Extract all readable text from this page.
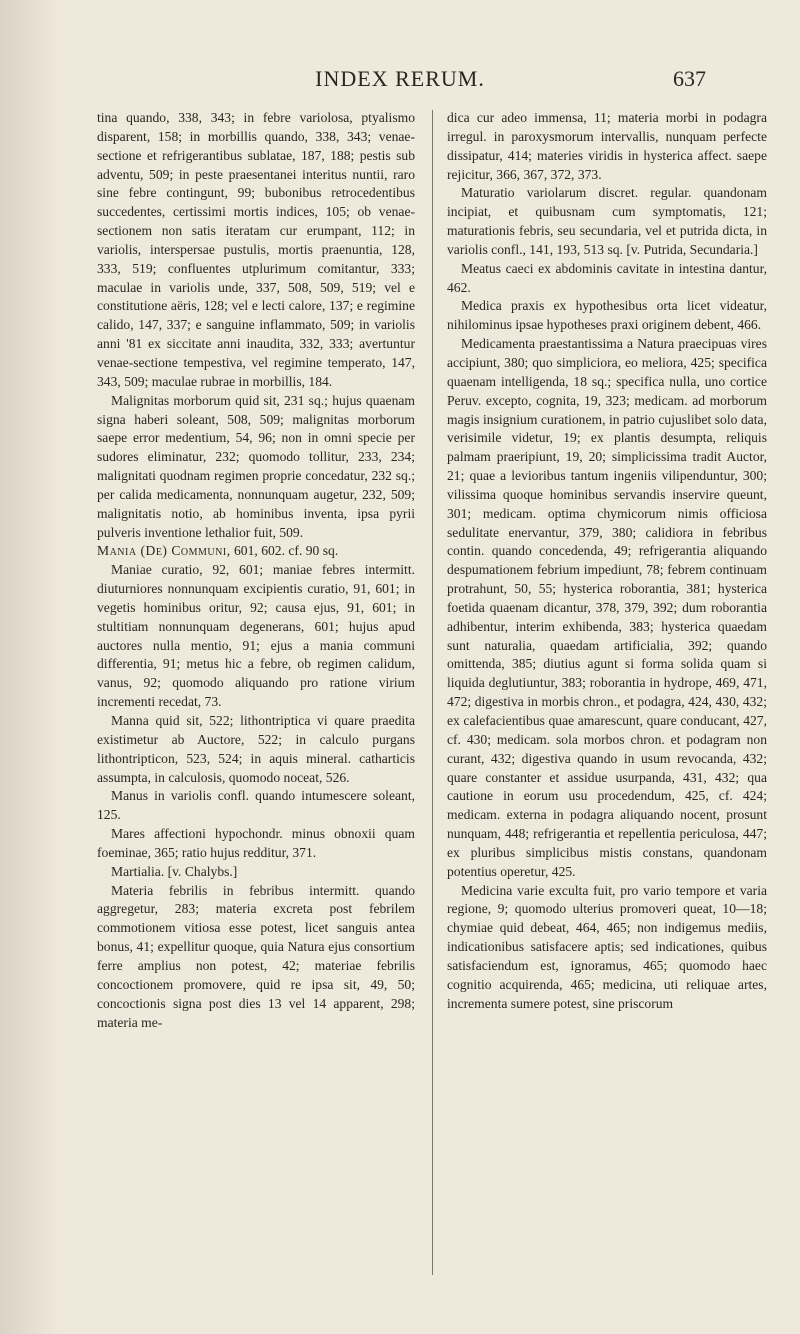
INDEX RERUM.	637

tina quando, 338, 343; in febre variolosa, ptyalismo disparent, 158; in morbillis quando, 338, 343; venae-sectione et refrigerantibus sublatae, 187, 188; pestis sub adventu, 509; in peste praesentanei interitus nuntii, raro sine febre contingunt, 99; bubonibus retrocedentibus succedentes, certissimi mortis indices, 105; ob venae-sectionem non satis iteratam cur erumpant, 112; in variolis, interspersae pustulis, mortis praenuntia, 128, 333, 519; confluentes utplurimum comitantur, 333; maculae in variolis unde, 337, 508, 509, 519; vel e constitutione aëris, 128; vel e lecti calore, 137; e regimine calido, 147, 337; e sanguine inflammato, 509; in variolis anni '81 ex siccitate anni inaudita, 332, 333; avertuntur venae-sectione tempestiva, vel regimine temperato, 147, 343, 509; maculae rubrae in morbillis, 184.

Malignitas morborum quid sit, 231 sq.; hujus quaenam signa haberi soleant, 508, 509; malignitas morborum saepe error medentium, 54, 96; non in omni specie per sudores eliminatur, 232; quomodo tollitur, 233, 234; malignitati quodnam regimen proprie concedatur, 232 sq.; per calida medicamenta, nonnunquam augetur, 232, 509; malignitatis notio, ab hominibus inventa, ipsa pyrii pulveris inventione lethalior fuit, 509.

Mania (De) Communi, 601, 602. cf. 90 sq.

Maniae curatio, 92, 601; maniae febres intermitt. diuturniores nonnunquam excipientis curatio, 91, 601; in vegetis hominibus oritur, 92; causa ejus, 91, 601; in stultitiam nonnunquam degenerans, 601; hujus apud auctores nulla mentio, 91; ejus a mania communi differentia, 91; metus hic a febre, ob regimen calidum, vanus, 92; quomodo aliquando pro ratione virium incrementi recedat, 73.

Manna quid sit, 522; lithontriptica vi quare praedita existimetur ab Auctore, 522; in calculo purgans lithontripticon, 523, 524; in aquis mineral. catharticis assumpta, in calculosis, quomodo noceat, 526.

Manus in variolis confl. quando intumescere soleant, 125.

Mares affectioni hypochondr. minus obnoxii quam foeminae, 365; ratio hujus redditur, 371.

Martialia. [v. Chalybs.]

Materia febrilis in febribus intermitt. quando aggregetur, 283; materia excreta post febrilem commotionem vitiosa esse potest, licet sanguis antea bonus, 41; expellitur quoque, quia Natura ejus consortium ferre amplius non potest, 42; materiae febrilis concoctionem promovere, quid re ipsa sit, 49, 50; concoctionis signa post dies 13 vel 14 apparent, 298; materia me-

dica cur adeo immensa, 11; materia morbi in podagra irregul. in paroxysmorum intervallis, nunquam perfecte dissipatur, 414; materies viridis in hysterica affect. saepe rejicitur, 366, 367, 372, 373.

Maturatio variolarum discret. regular. quandonam incipiat, et quibusnam cum symptomatis, 121; maturationis febris, seu secundaria, vel et putrida dicta, in variolis confl., 141, 193, 513 sq. [v. Putrida, Secundaria.]

Meatus caeci ex abdominis cavitate in intestina dantur, 462.

Medica praxis ex hypothesibus orta licet videatur, nihilominus ipsae hypotheses praxi originem debent, 466.

Medicamenta praestantissima a Natura praecipuas vires accipiunt, 380; quo simpliciora, eo meliora, 425; specifica quaenam intelligenda, 18 sq.; specifica nulla, uno cortice Peruv. excepto, cognita, 19, 323; medicam. ad morborum magis insignium curationem, in patrio cujuslibet solo data, verisimile videtur, 19; ex plantis desumpta, reliquis palmam praeripiunt, 19, 20; simplicissima tradit Auctor, 21; quae a levioribus tantum ingeniis vilipenduntur, 300; vilissima quoque hominibus servandis inservire queunt, 301; medicam. optima chymicorum nimis officiosa sedulitate enervantur, 379, 380; calidiora in febribus contin. quando concedenda, 49; refrigerantia aliquando despumationem febrium impediunt, 78; febrem continuam protrahunt, 50, 55; hysterica roborantia, 381; hysterica foetida quaenam dicantur, 378, 379, 392; dum roborantia adhibentur, interim exhibenda, 383; hysterica quaedam sunt naturalia, quaedam artificialia, 392; quando omittenda, 385; diutius agunt si forma solida quam si liquida deglutiuntur, 383; roborantia in hydrope, 469, 471, 472; digestiva in morbis chron., et podagra, 424, 430, 432; ex calefacientibus quae amarescunt, quare conducant, 427, cf. 430; medicam. sola morbos chron. et podagram non curant, 432; digestiva quando in usum revocanda, 432; quare constanter et assidue usurpanda, 431, 432; qua cautione in eorum usu procedendum, 425, cf. 424; medicam. externa in podagra aliquando nocent, prosunt nunquam, 448; refrigerantia et repellentia periculosa, 447; ex pluribus simplicibus mistis constans, quandonam potentius operetur, 425.

Medicina varie exculta fuit, pro vario tempore et varia regione, 9; quomodo ulterius promoveri queat, 10—18; chymiae quid debeat, 464, 465; non indigemus mediis, indicationibus satisfacere aptis; sed indicationes, quibus satisfaciendum est, ignoramus, 465; quomodo haec cognitio acquirenda, 465; medicina, uti reliquae artes, incrementa sumere potest, sine priscorum
